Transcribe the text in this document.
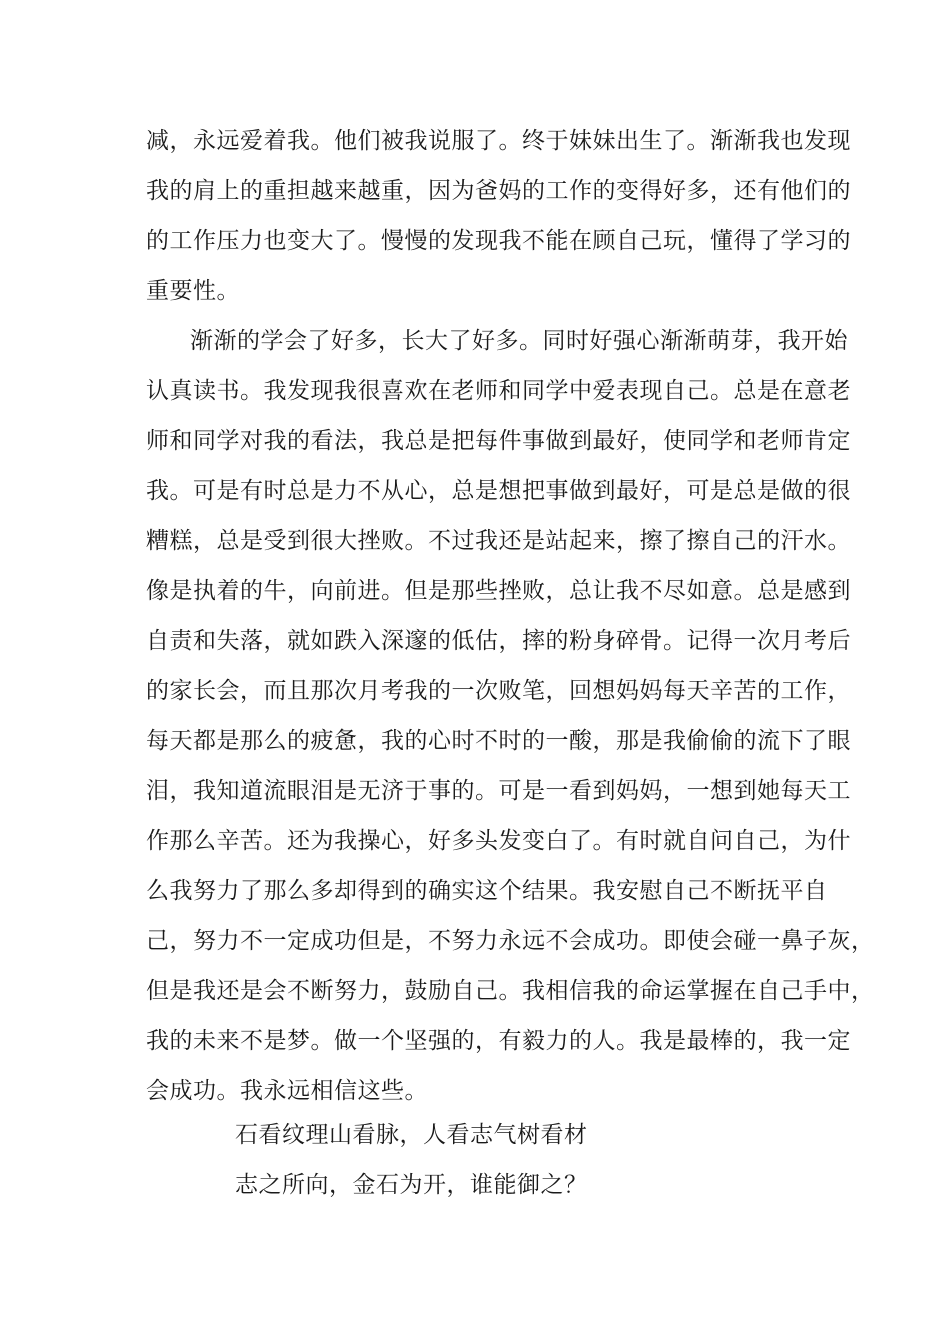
减，永远爱着我。他们被我说服了。终于妹妹出生了。渐渐我也发现
我的肩上的重担越来越重，因为爸妈的工作的变得好多，还有他们的
的工作压力也变大了。慢慢的发现我不能在顾自己玩，懂得了学习的
重要性。
渐渐的学会了好多，长大了好多。同时好强心渐渐萌芽，我开始
认真读书。我发现我很喜欢在老师和同学中爱表现自己。总是在意老
师和同学对我的看法，我总是把每件事做到最好，使同学和老师肯定
我。可是有时总是力不从心，总是想把事做到最好，可是总是做的很
糟糕，总是受到很大挫败。不过我还是站起来，擦了擦自己的汗水。
像是执着的牛，向前进。但是那些挫败，总让我不尽如意。总是感到
自责和失落，就如跌入深邃的低估，摔的粉身碎骨。记得一次月考后
的家长会，而且那次月考我的一次败笔，回想妈妈每天辛苦的工作，
每天都是那么的疲惫，我的心时不时的一酸，那是我偷偷的流下了眼
泪，我知道流眼泪是无济于事的。可是一看到妈妈，一想到她每天工
作那么辛苦。还为我操心，好多头发变白了。有时就自问自己，为什
么我努力了那么多却得到的确实这个结果。我安慰自己不断抚平自
己，努力不一定成功但是，不努力永远不会成功。即使会碰一鼻子灰，
但是我还是会不断努力，鼓励自己。我相信我的命运掌握在自己手中，
我的未来不是梦。做一个坚强的，有毅力的人。我是最棒的，我一定
会成功。我永远相信这些。
石看纹理山看脉，人看志气树看材
志之所向，金石为开，谁能御之？
